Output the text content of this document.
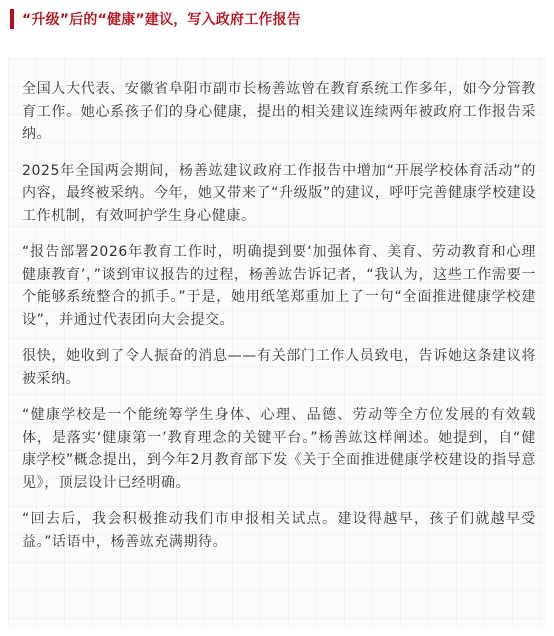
“升级”后的“健康”建议，写入政府工作报告

全国人大代表、安徽省阜阳市副市长杨善竑曾在教育系统工作多年，如今分管教育工作。她心系孩子们的身心健康，提出的相关建议连续两年被政府工作报告采纳。

2025年全国两会期间，杨善竑建议政府工作报告中增加“开展学校体育活动”的内容，最终被采纳。今年，她又带来了“升级版”的建议，呼吁完善健康学校建设工作机制，有效呵护学生身心健康。

“报告部署2026年教育工作时，明确提到要‘加强体育、美育、劳动教育和心理健康教育’，”谈到审议报告的过程，杨善竑告诉记者，“我认为，这些工作需要一个能够系统整合的抓手。”于是，她用纸笔郑重加上了一句“全面推进健康学校建设”，并通过代表团向大会提交。

很快，她收到了令人振奋的消息——有关部门工作人员致电，告诉她这条建议将被采纳。

“健康学校是一个能统筹学生身体、心理、品德、劳动等全方位发展的有效载体，是落实‘健康第一’教育理念的关键平台。”杨善竑这样阐述。她提到，自“健康学校”概念提出，到今年2月教育部下发《关于全面推进健康学校建设的指导意见》，顶层设计已经明确。

“回去后，我会积极推动我们市申报相关试点。建设得越早，孩子们就越早受益。”话语中，杨善竑充满期待。
